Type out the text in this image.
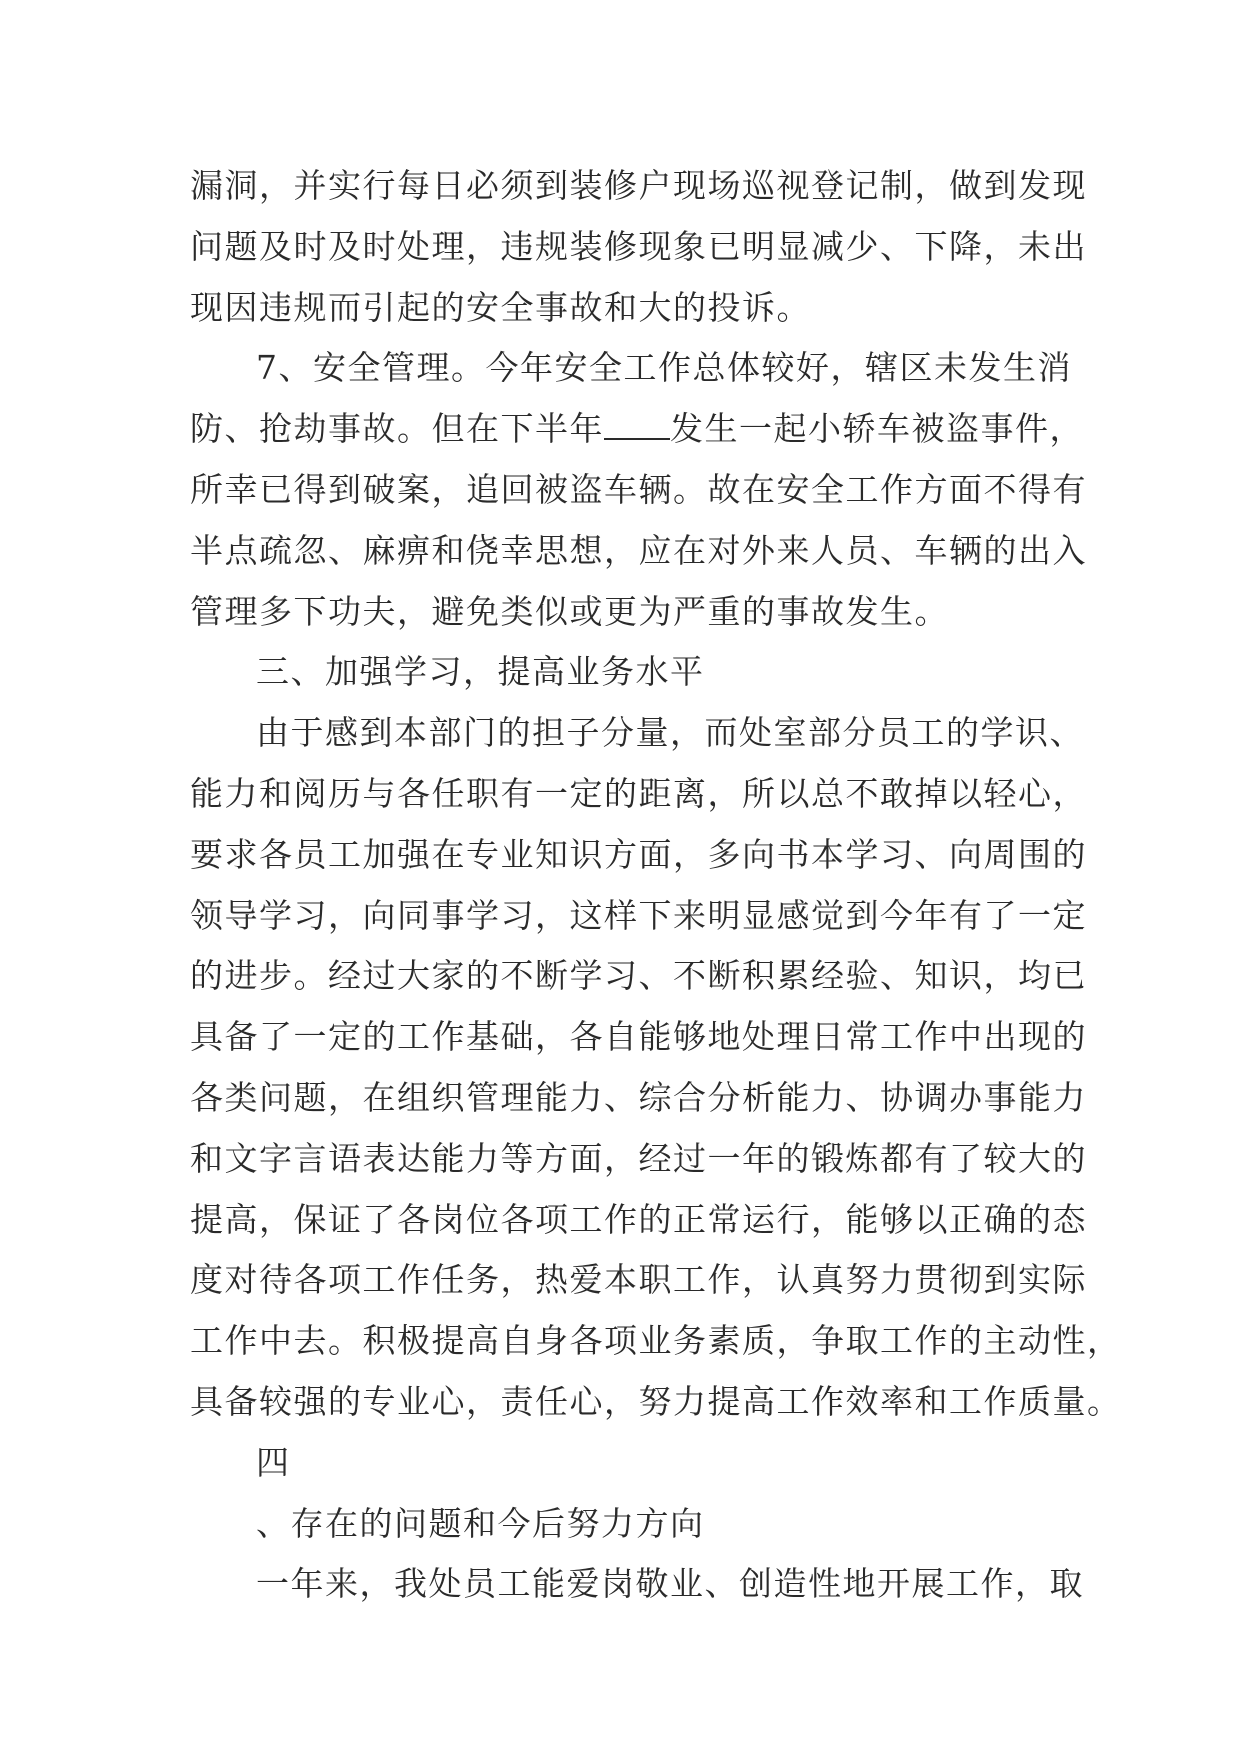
漏洞，并实行每日必须到装修户现场巡视登记制，做到发现
问题及时及时处理，违规装修现象已明显减少、下降，未出
现因违规而引起的安全事故和大的投诉。
7、安全管理。今年安全工作总体较好，辖区未发生消
防、抢劫事故。但在下半年 发生一起小轿车被盗事件，
所幸已得到破案，追回被盗车辆。故在安全工作方面不得有
半点疏忽、麻痹和侥幸思想，应在对外来人员、车辆的出入
管理多下功夫，避免类似或更为严重的事故发生。
三、加强学习，提高业务水平
由于感到本部门的担子分量，而处室部分员工的学识、
能力和阅历与各任职有一定的距离，所以总不敢掉以轻心，
要求各员工加强在专业知识方面，多向书本学习、向周围的
领导学习，向同事学习，这样下来明显感觉到今年有了一定
的进步。经过大家的不断学习、不断积累经验、知识，均已
具备了一定的工作基础，各自能够地处理日常工作中出现的
各类问题，在组织管理能力、综合分析能力、协调办事能力
和文字言语表达能力等方面，经过一年的锻炼都有了较大的
提高，保证了各岗位各项工作的正常运行，能够以正确的态
度对待各项工作任务，热爱本职工作，认真努力贯彻到实际
工作中去。积极提高自身各项业务素质，争取工作的主动性，
具备较强的专业心，责任心，努力提高工作效率和工作质量。
四
、存在的问题和今后努力方向
一年来，我处员工能爱岗敬业、创造性地开展工作，取
